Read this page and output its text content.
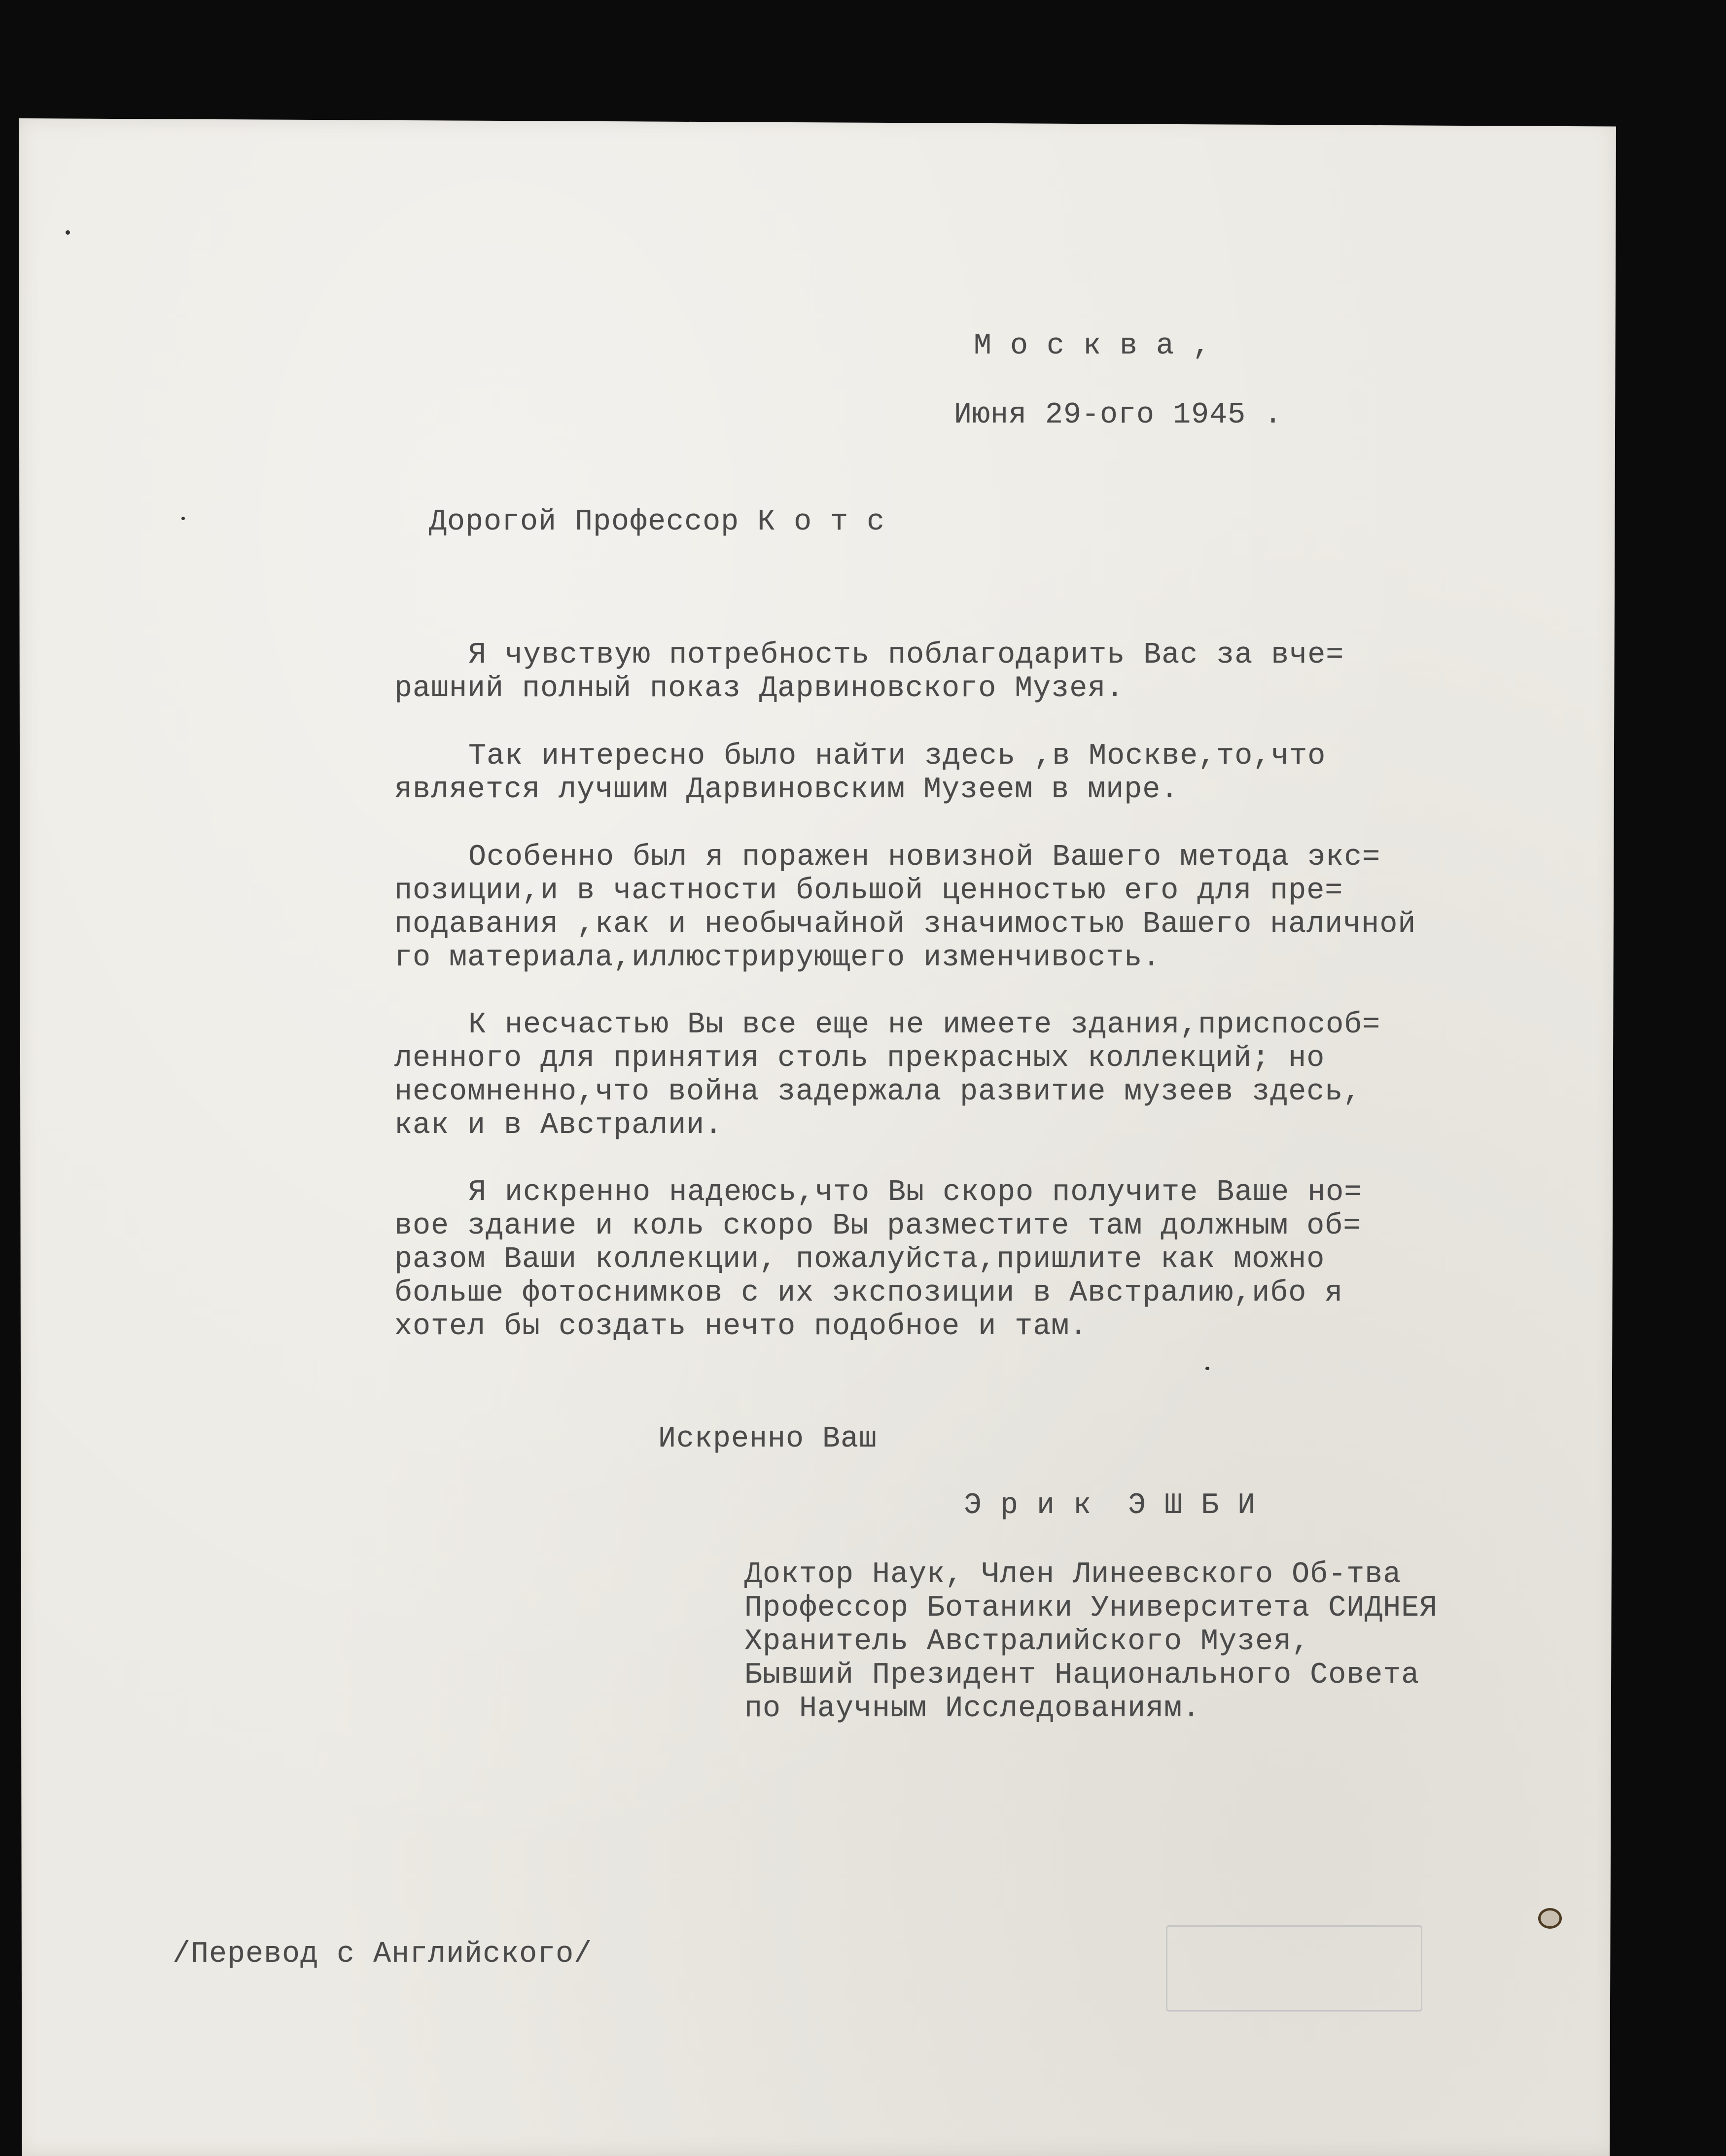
М о с к в а ,
Июня 29-ого 1945 .
Дорогой Профессор К о т с
Я чувствую потребность поблагодарить Вас за вче=
рашний полный показ Дарвиновского Музея.
Так интересно было найти здесь ,в Москве,то,что
является лучшим Дарвиновским Музеем в мире.
Особенно был я поражен новизной Вашего метода экс=
позиции,и в частности большой ценностью его для пре=
подавания ,как и необычайной значимостью Вашего наличной
го материала,иллюстрирующего изменчивость.
К несчастью Вы все еще не имеете здания,приспособ=
ленного для принятия столь прекрасных коллекций; но
несомненно,что война задержала развитие музеев здесь,
как и в Австралии.
Я искренно надеюсь,что Вы скоро получите Ваше но=
вое здание и коль скоро Вы разместите там должным об=
разом Ваши коллекции, пожалуйста,пришлите как можно
больше фотоснимков с их экспозиции в Австралию,ибо я
хотел бы создать нечто подобное и там.
Искренно Ваш
Э р и к  Э Ш Б И
Доктор Наук, Член Линеевского Об-тва
Профессор Ботаники Университета СИДНЕЯ
Хранитель Австралийского Музея,
Бывший Президент Национального Совета
по Научным Исследованиям.
/Перевод с Английского/
